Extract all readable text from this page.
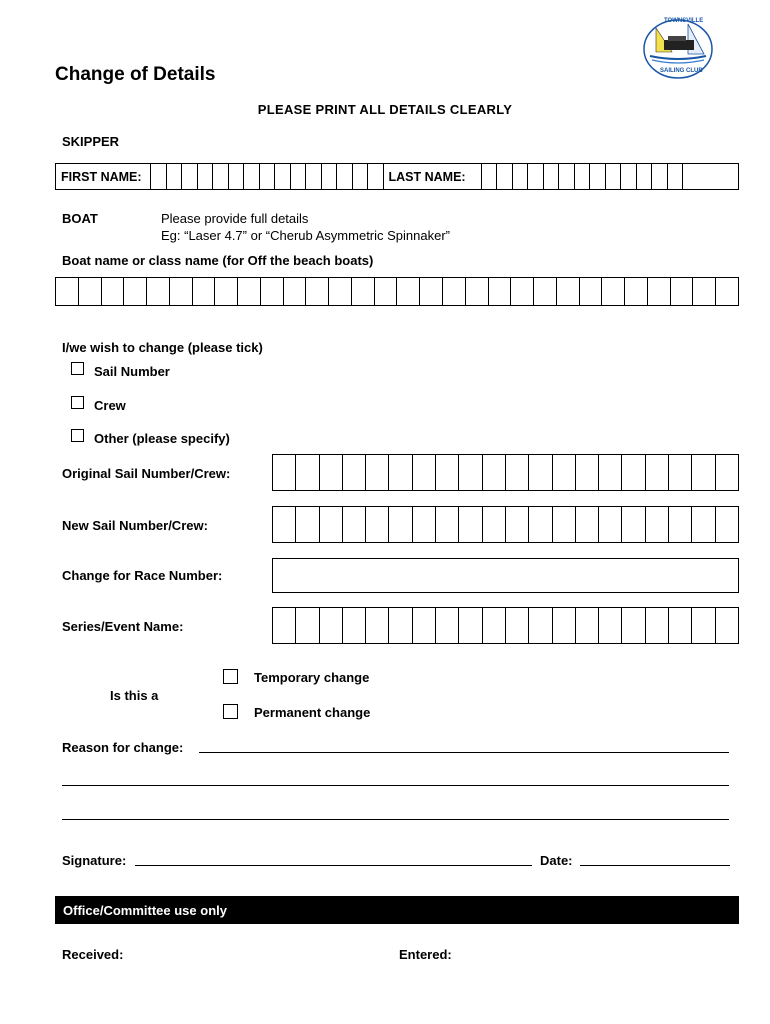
TOWNSVILLE
SAILING CLUB
Change of Details
PLEASE PRINT ALL DETAILS CLEARLY
SKIPPER
FIRST NAME:	LAST NAME:
BOAT	Please provide full details
Eg: “Laser 4.7” or “Cherub Asymmetric Spinnaker”
Boat name or class name (for Off the beach boats)
I/we wish to change (please tick)
Sail Number
Crew
Other (please specify)
Original Sail Number/Crew:
New Sail Number/Crew:
Change for Race Number:
Series/Event Name:
Is this a
Temporary change
Permanent change
Reason for change:
Signature:	Date:
Office/Committee use only
Received:	Entered:
